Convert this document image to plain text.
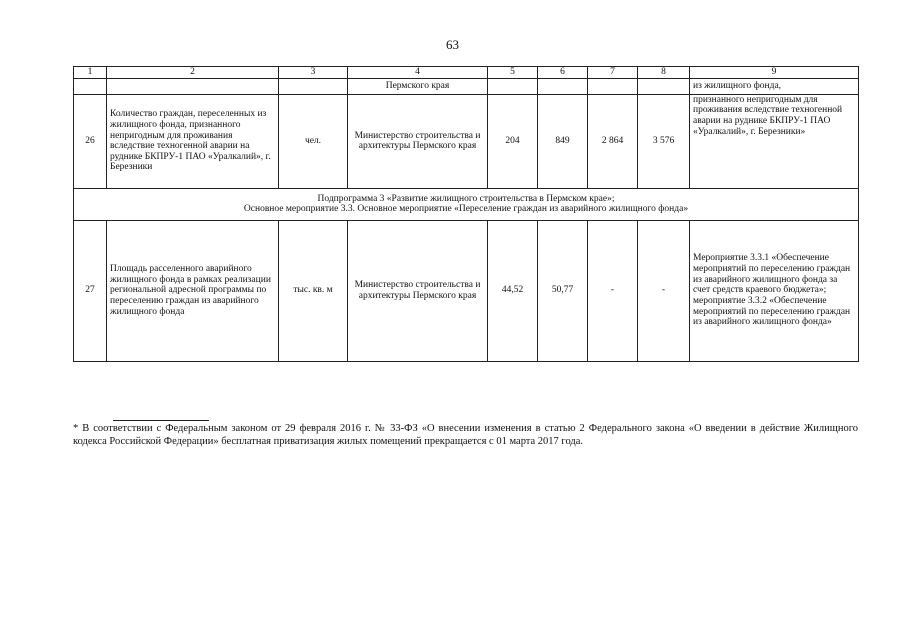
63
1	2	3	4	5	6	7	8	9
			Пермского края					из жилищного фонда,
26	Количество граждан, переселенных из жилищного фонда, признанного непригодным для проживания вследствие техногенной аварии на руднике БКПРУ-1 ПАО «Уралкалий», г. Березники	чел.	Министерство строительства и архитектуры Пермского края	204	849	2 864	3 576	признанного непригодным для проживания вследствие техногенной аварии на руднике БКПРУ-1 ПАО «Уралкалий», г. Березники»

Подпрограмма 3 «Развитие жилищного строительства в Пермском крае»;
Основное мероприятие 3.3. Основное мероприятие «Переселение граждан из аварийного жилищного фонда»								

27	Площадь расселенного аварийного жилищного фонда в рамках реализации региональной адресной программы по переселению граждан из аварийного жилищного фонда	тыс. кв. м	Министерство строительства и архитектуры Пермского края	44,52	50,77	-	-	Мероприятие 3.3.1 «Обеспечение мероприятий по переселению граждан из аварийного жилищного фонда за счет средств краевого бюджета»; мероприятие 3.3.2 «Обеспечение мероприятий по переселению граждан из аварийного жилищного фонда»
* В соответствии с Федеральным законом от 29 февраля 2016 г. № 33-ФЗ «О внесении изменения в статью 2 Федерального закона «О введении в действие Жилищного кодекса Российской Федерации» бесплатная приватизация жилых помещений прекращается с 01 марта 2017 года.
